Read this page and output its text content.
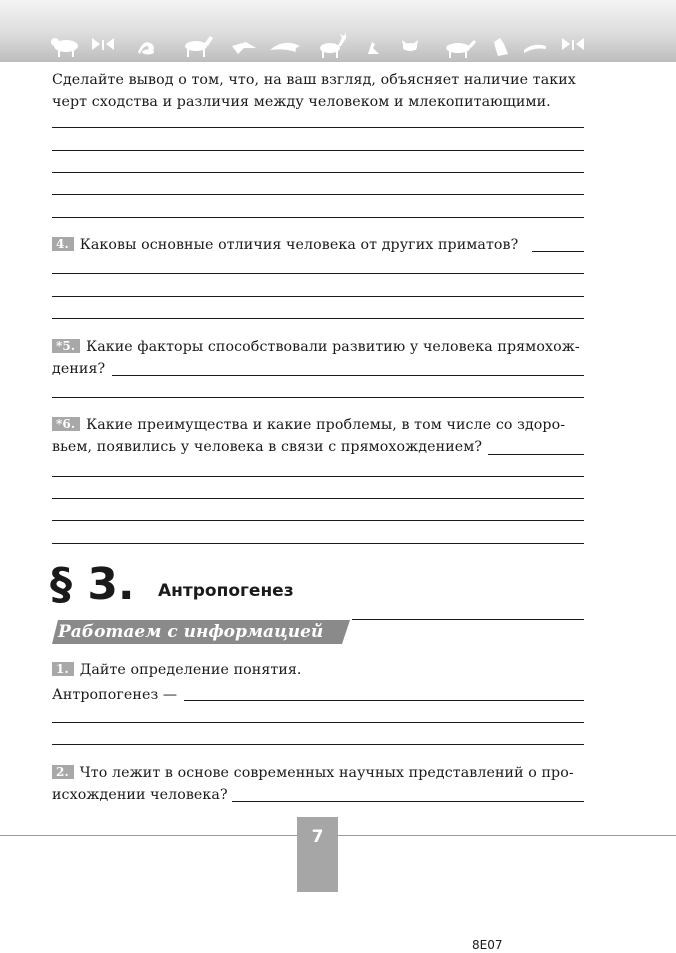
Сделайте вывод о том, что, на ваш взгляд, объясняет наличие таких
черт сходства и различия между человеком и млекопитающими.
4. Каковы основные отличия человека от других приматов?
*5. Какие факторы способствовали развитию у человека прямохож-
дения?
*6. Какие преимущества и какие проблемы, в том числе со здоро-
вьем, появились у человека в связи с прямохождением?
§ 3. Антропогенез
Работаем с информацией
1. Дайте определение понятия.
Антропогенез —
2. Что лежит в основе современных научных представлений о про-
исхождении человека?
7
8E07
